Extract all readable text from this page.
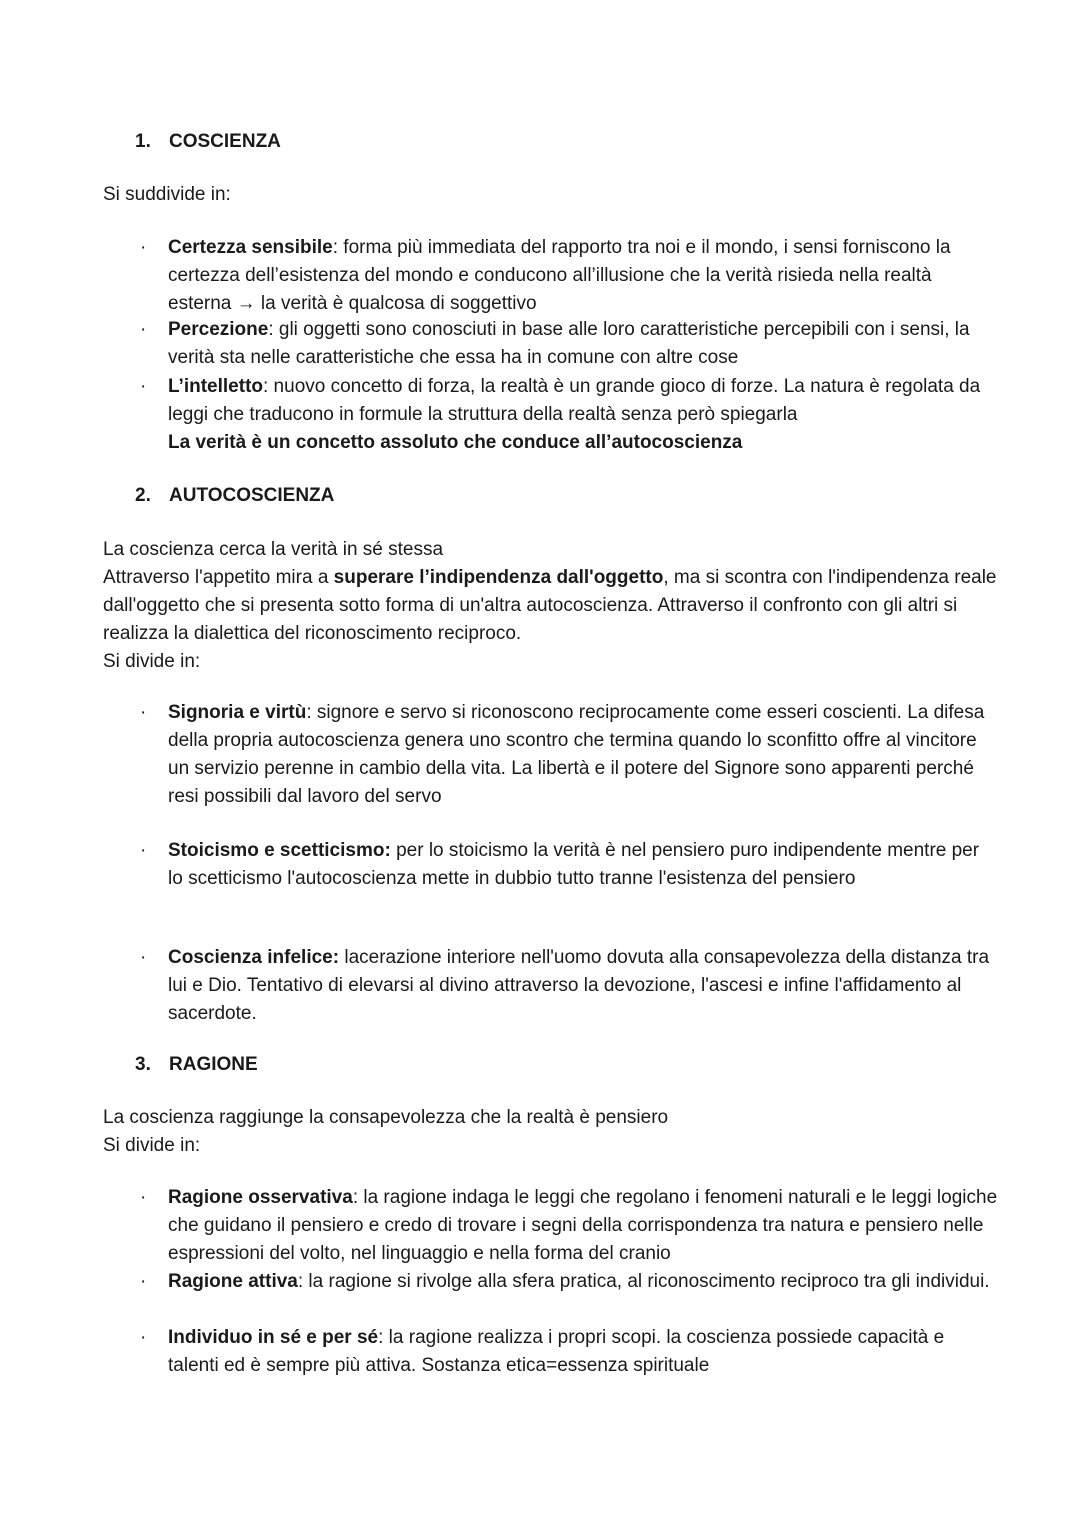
1. COSCIENZA

Si suddivide in:

· Certezza sensibile: forma più immediata del rapporto tra noi e il mondo, i sensi forniscono la certezza dell’esistenza del mondo e conducono all’illusione che la verità risieda nella realtà esterna → la verità è qualcosa di soggettivo
· Percezione: gli oggetti sono conosciuti in base alle loro caratteristiche percepibili con i sensi, la verità sta nelle caratteristiche che essa ha in comune con altre cose
· L’intelletto: nuovo concetto di forza, la realtà è un grande gioco di forze. La natura è regolata da leggi che traducono in formule la struttura della realtà senza però spiegarla
La verità è un concetto assoluto che conduce all’autocoscienza

2. AUTOCOSCIENZA

La coscienza cerca la verità in sé stessa
Attraverso l'appetito mira a superare l’indipendenza dall'oggetto, ma si scontra con l'indipendenza reale dall'oggetto che si presenta sotto forma di un'altra autocoscienza. Attraverso il confronto con gli altri si realizza la dialettica del riconoscimento reciproco.
Si divide in:
· Signoria e virtù: signore e servo si riconoscono reciprocamente come esseri coscienti. La difesa della propria autocoscienza genera uno scontro che termina quando lo sconfitto offre al vincitore un servizio perenne in cambio della vita. La libertà e il potere del Signore sono apparenti perché resi possibili dal lavoro del servo
· Stoicismo e scetticismo: per lo stoicismo la verità è nel pensiero puro indipendente mentre per lo scetticismo l'autocoscienza mette in dubbio tutto tranne l'esistenza del pensiero
· Coscienza infelice: lacerazione interiore nell'uomo dovuta alla consapevolezza della distanza tra lui e Dio. Tentativo di elevarsi al divino attraverso la devozione, l'ascesi e infine l'affidamento al sacerdote.

3. RAGIONE

La coscienza raggiunge la consapevolezza che la realtà è pensiero
Si divide in:
· Ragione osservativa: la ragione indaga le leggi che regolano i fenomeni naturali e le leggi logiche che guidano il pensiero e credo di trovare i segni della corrispondenza tra natura e pensiero nelle espressioni del volto, nel linguaggio e nella forma del cranio
· Ragione attiva: la ragione si rivolge alla sfera pratica, al riconoscimento reciproco tra gli individui.
· Individuo in sé e per sé: la ragione realizza i propri scopi. la coscienza possiede capacità e talenti ed è sempre più attiva. Sostanza etica=essenza spirituale
